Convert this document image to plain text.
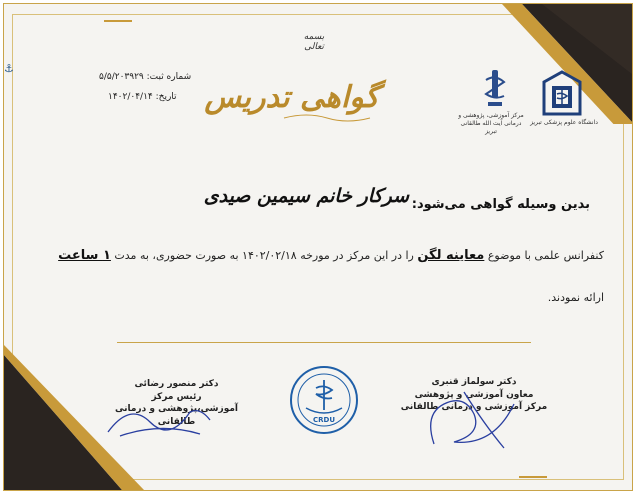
⚓
بسمه تعالی
شماره ثبت: ۵/۵/۲۰۳۹۲۹
تاریخ: ۱۴۰۲/۰۴/۱۴ گواهی تدریس
مرکز آموزشی، پژوهشی و درمانی آیت الله طالقانی تبریز
دانشگاه علوم پزشکی تبریز
بدین وسیله گواهی می‌شود:
سرکار خانم سیمین صیدی
کنفرانس علمی با موضوع معاینه لگن را در این مرکز در مورخه ۱۴۰۲/۰۲/۱۸ به صورت حضوری، به مدت ۱ ساعت
ارائه نمودند.
دکتر منصور رضائی
رئیس مرکز
آموزشی،پژوهشی و درمانی طالقانی	CRDU
دکتر سولماز قنبری
معاون آموزشی و پژوهشی
مرکز آموزشی و درمانی طالقانی
